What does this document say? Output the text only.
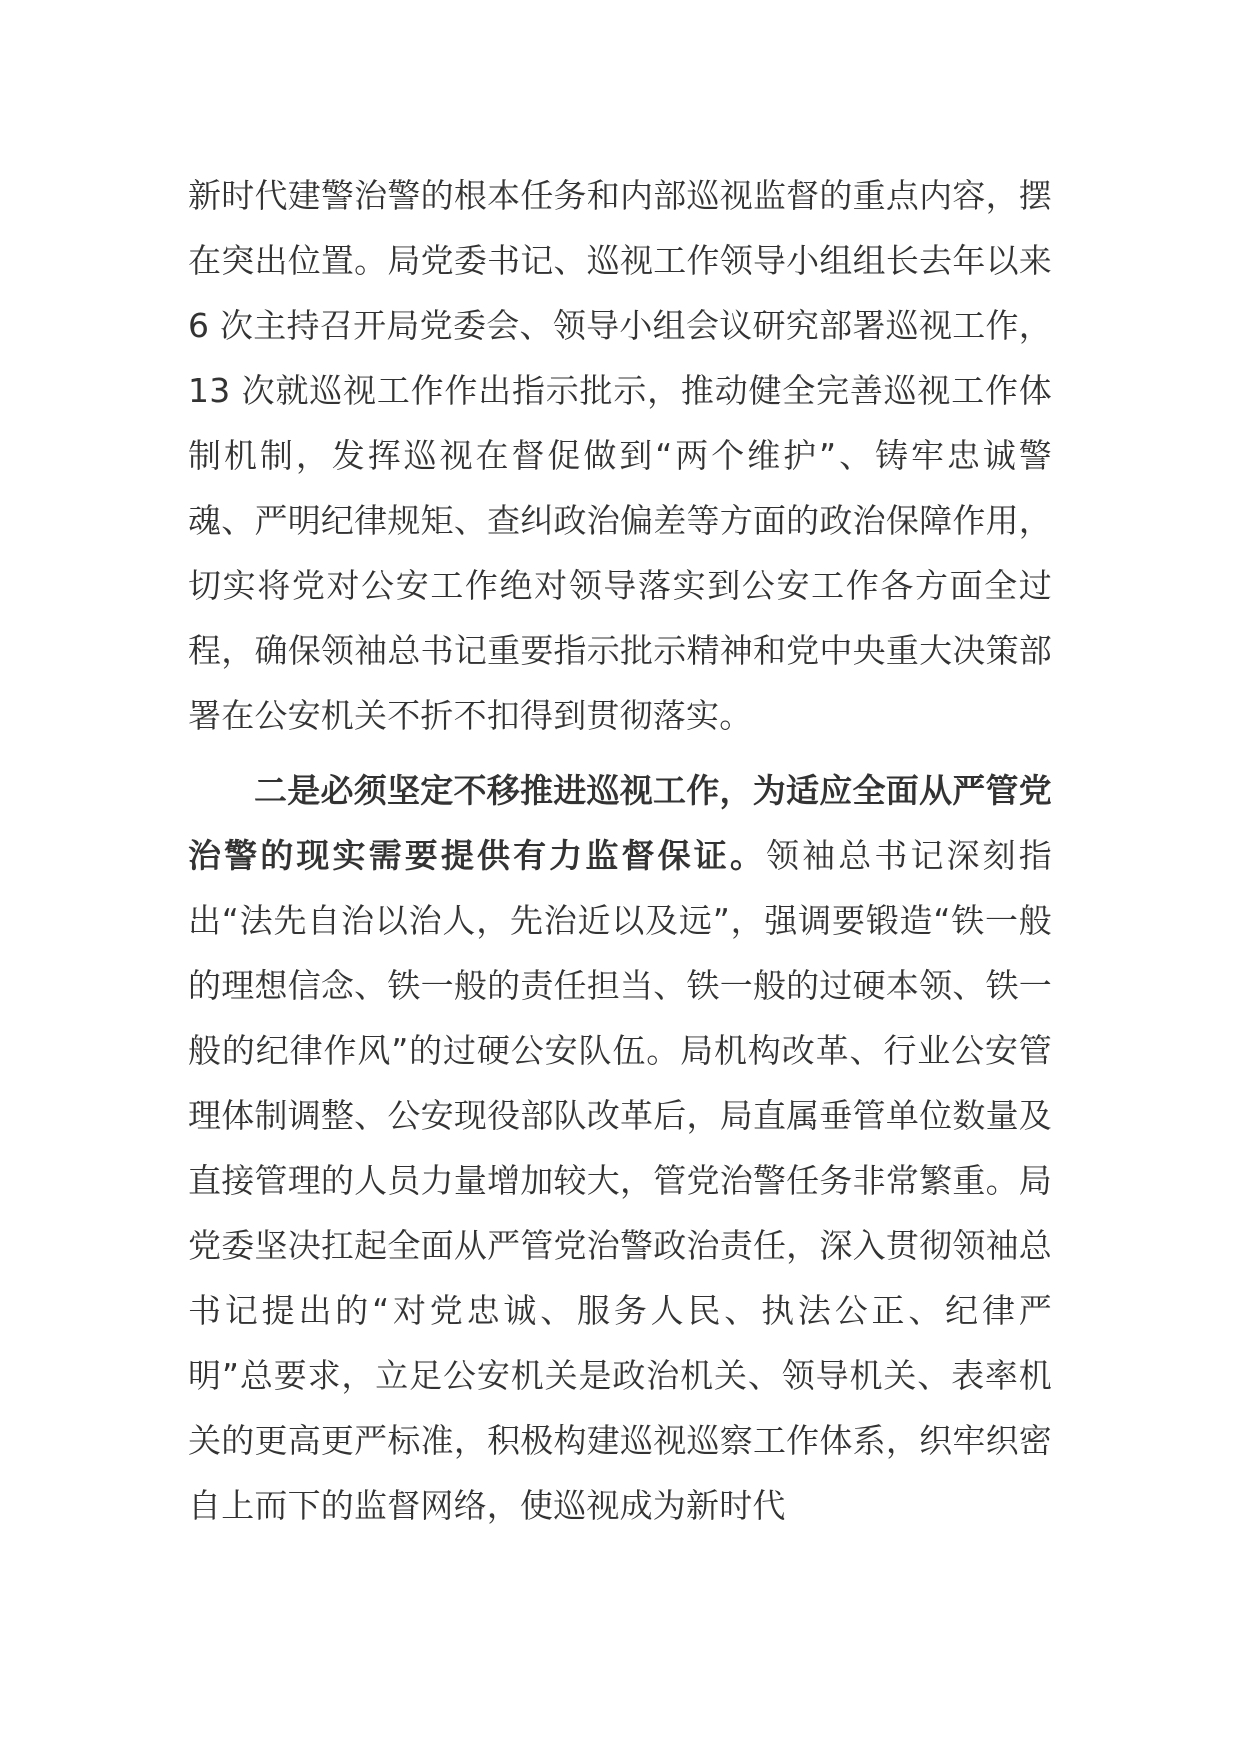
新时代建警治警的根本任务和内部巡视监督的重点内容，摆在突出位置。局党委书记、巡视工作领导小组组长去年以来 6 次主持召开局党委会、领导小组会议研究部署巡视工作，13 次就巡视工作作出指示批示，推动健全完善巡视工作体制机制，发挥巡视在督促做到“两个维护”、铸牢忠诚警魂、严明纪律规矩、查纠政治偏差等方面的政治保障作用，切实将党对公安工作绝对领导落实到公安工作各方面全过程，确保领袖总书记重要指示批示精神和党中央重大决策部署在公安机关不折不扣得到贯彻落实。

二是必须坚定不移推进巡视工作，为适应全面从严管党治警的现实需要提供有力监督保证。领袖总书记深刻指出“法先自治以治人，先治近以及远”，强调要锻造“铁一般的理想信念、铁一般的责任担当、铁一般的过硬本领、铁一般的纪律作风”的过硬公安队伍。局机构改革、行业公安管理体制调整、公安现役部队改革后，局直属垂管单位数量及直接管理的人员力量增加较大，管党治警任务非常繁重。局党委坚决扛起全面从严管党治警政治责任，深入贯彻领袖总书记提出的“对党忠诚、服务人民、执法公正、纪律严明”总要求，立足公安机关是政治机关、领导机关、表率机关的更高更严标准，积极构建巡视巡察工作体系，织牢织密自上而下的监督网络，使巡视成为新时代
